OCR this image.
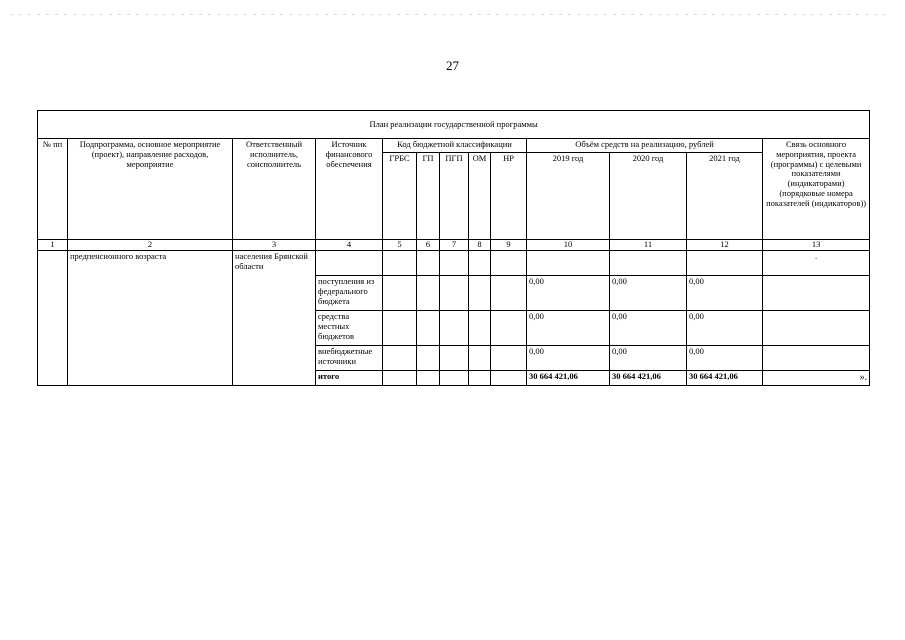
27
План реализации государственной программы												
№ пп	Подпрограмма, основное мероприятие (проект), направление расходов, мероприятие	Ответственный исполнитель, соисполнитель	Источник финансового обеспечения	Код бюджетной классификации					Объём средств на реализацию, рублей			Связь основного мероприятия, проекта (программы) с целевыми показателями (индикаторами) (порядковые номера показателей (индикаторов))
				ГРБС	ГП	ПГП	ОМ	НР	2019 год	2020 год	2021 год	
1	2	3	4	5	6	7	8	9	10	11	12	13
	предпенсионного возраста	населения Брянской области										.
			поступления из федерального бюджета						0,00	0,00	0,00	
			средства местных бюджетов						0,00	0,00	0,00	
			внебюджетные источники						0,00	0,00	0,00	
			итого						30 664 421,06	30 664 421,06	30 664 421,06	».
